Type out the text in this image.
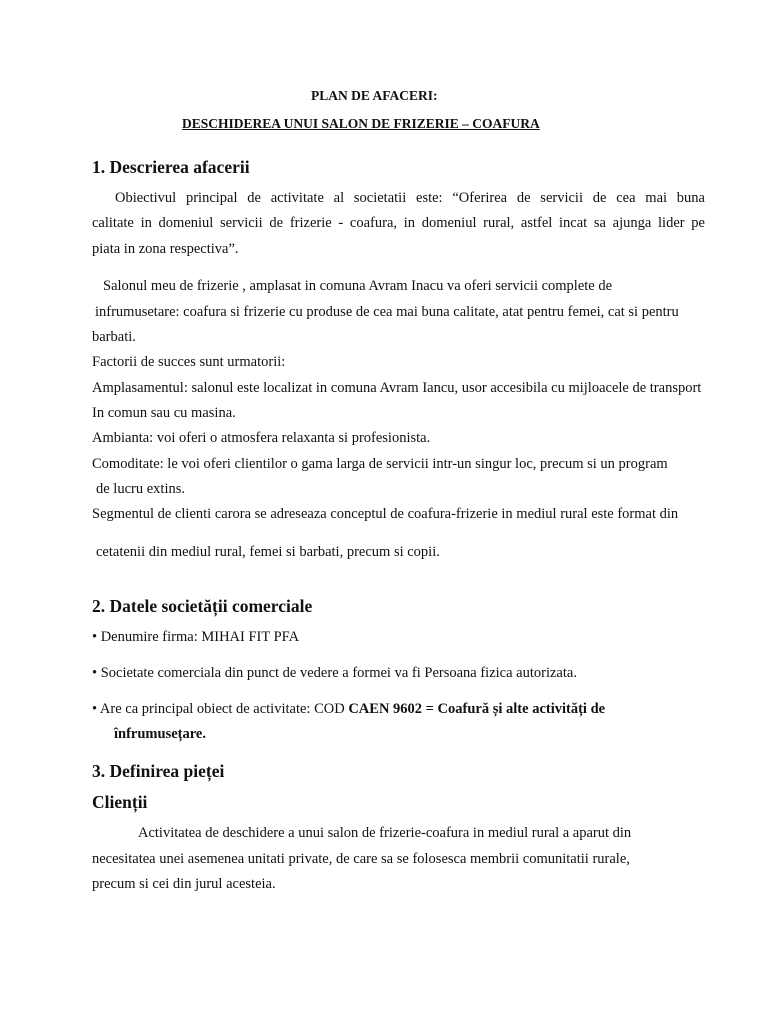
PLAN DE AFACERI:
DESCHIDEREA UNUI SALON DE FRIZERIE – COAFURA
1. Descrierea afacerii
Obiectivul principal de activitate al societatii este: “Oferirea de servicii de cea mai buna
calitate in domeniul servicii de frizerie - coafura, in domeniul rural, astfel incat sa ajunga lider pe
piata in zona respectiva”.
Salonul meu de frizerie , amplasat in comuna Avram Inacu va oferi servicii complete de
infrumusetare: coafura si frizerie cu produse de cea mai buna calitate, atat pentru femei, cat si pentru
barbati.
Factorii de succes sunt urmatorii:
Amplasamentul: salonul este localizat in comuna Avram Iancu, usor accesibila cu mijloacele de transport
In comun sau cu masina.
Ambianta: voi oferi o atmosfera relaxanta si profesionista.
Comoditate: le voi oferi clientilor o gama larga de servicii intr-un singur loc, precum si un program
de lucru extins.
Segmentul de clienti carora se adreseaza conceptul de coafura-frizerie in mediul rural este format din
cetatenii din mediul rural, femei si barbati, precum si copii.
2. Datele societății comerciale
• Denumire firma: MIHAI FIT PFA
• Societate comerciala din punct de vedere a formei va fi Persoana fizica autorizata.
• Are ca principal obiect de activitate: COD CAEN 9602 = Coafură și alte activități de
înfrumusețare.
3. Definirea pieței
Clienții
Activitatea de deschidere a unui salon de frizerie-coafura in mediul rural a aparut din
necesitatea unei asemenea unitati private, de care sa se folosesca membrii comunitatii rurale,
precum si cei din jurul acesteia.
